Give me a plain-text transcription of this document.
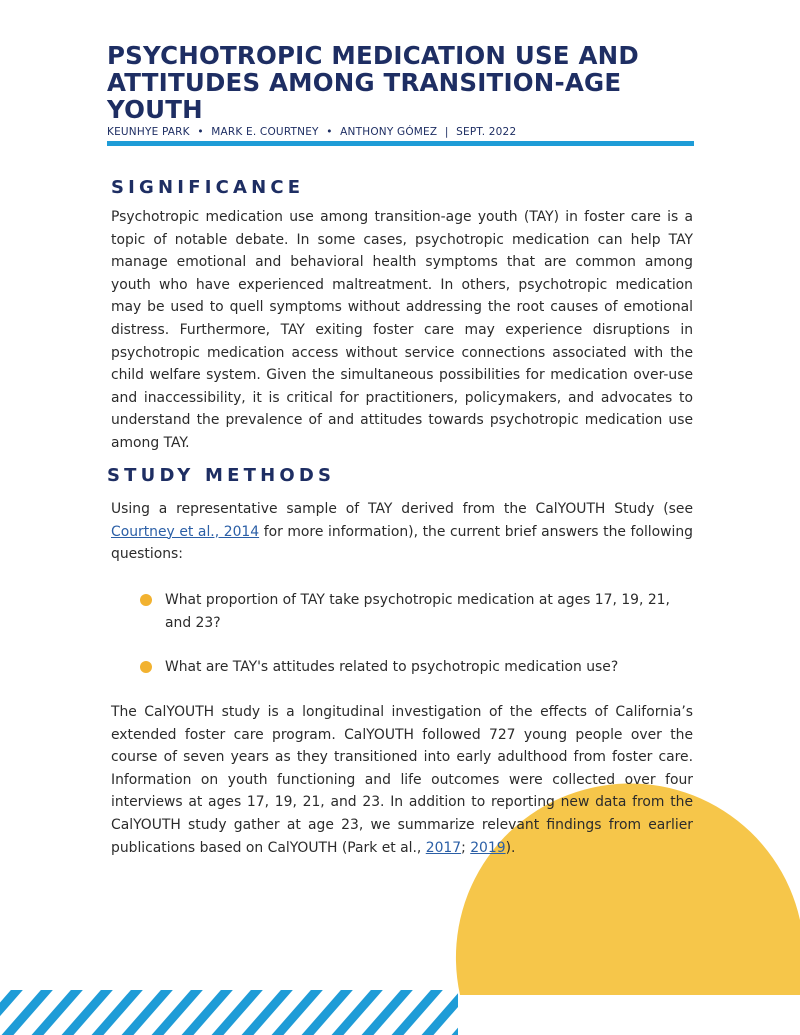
PSYCHOTROPIC MEDICATION USE AND ATTITUDES AMONG TRANSITION-AGE YOUTH
KEUNHYE PARK • MARK E. COURTNEY • ANTHONY GÓMEZ | SEPT. 2022
SIGNIFICANCE

Psychotropic medication use among transition-age youth (TAY) in foster care is a topic of notable debate. In some cases, psychotropic medication can help TAY manage emotional and behavioral health symptoms that are common among youth who have experienced maltreatment. In others, psychotropic medication may be used to quell symptoms without addressing the root causes of emotional distress. Furthermore, TAY exiting foster care may experience disruptions in psychotropic medication access without service connections associated with the child welfare system. Given the simultaneous possibilities for medication over-use and inaccessibility, it is critical for practitioners, policymakers, and advocates to understand the prevalence of and attitudes towards psychotropic medication use among TAY.

STUDY METHODS

Using a representative sample of TAY derived from the CalYOUTH Study (see Courtney et al., 2014 for more information), the current brief answers the following questions:

What proportion of TAY take psychotropic medication at ages 17, 19, 21, and 23?

What are TAY's attitudes related to psychotropic medication use?

The CalYOUTH study is a longitudinal investigation of the effects of California’s extended foster care program. CalYOUTH followed 727 young people over the course of seven years as they transitioned into early adulthood from foster care. Information on youth functioning and life outcomes were collected over four interviews at ages 17, 19, 21, and 23. In addition to reporting new data from the CalYOUTH study gather at age 23, we summarize relevant findings from earlier publications based on CalYOUTH (Park et al., 2017; 2019).
